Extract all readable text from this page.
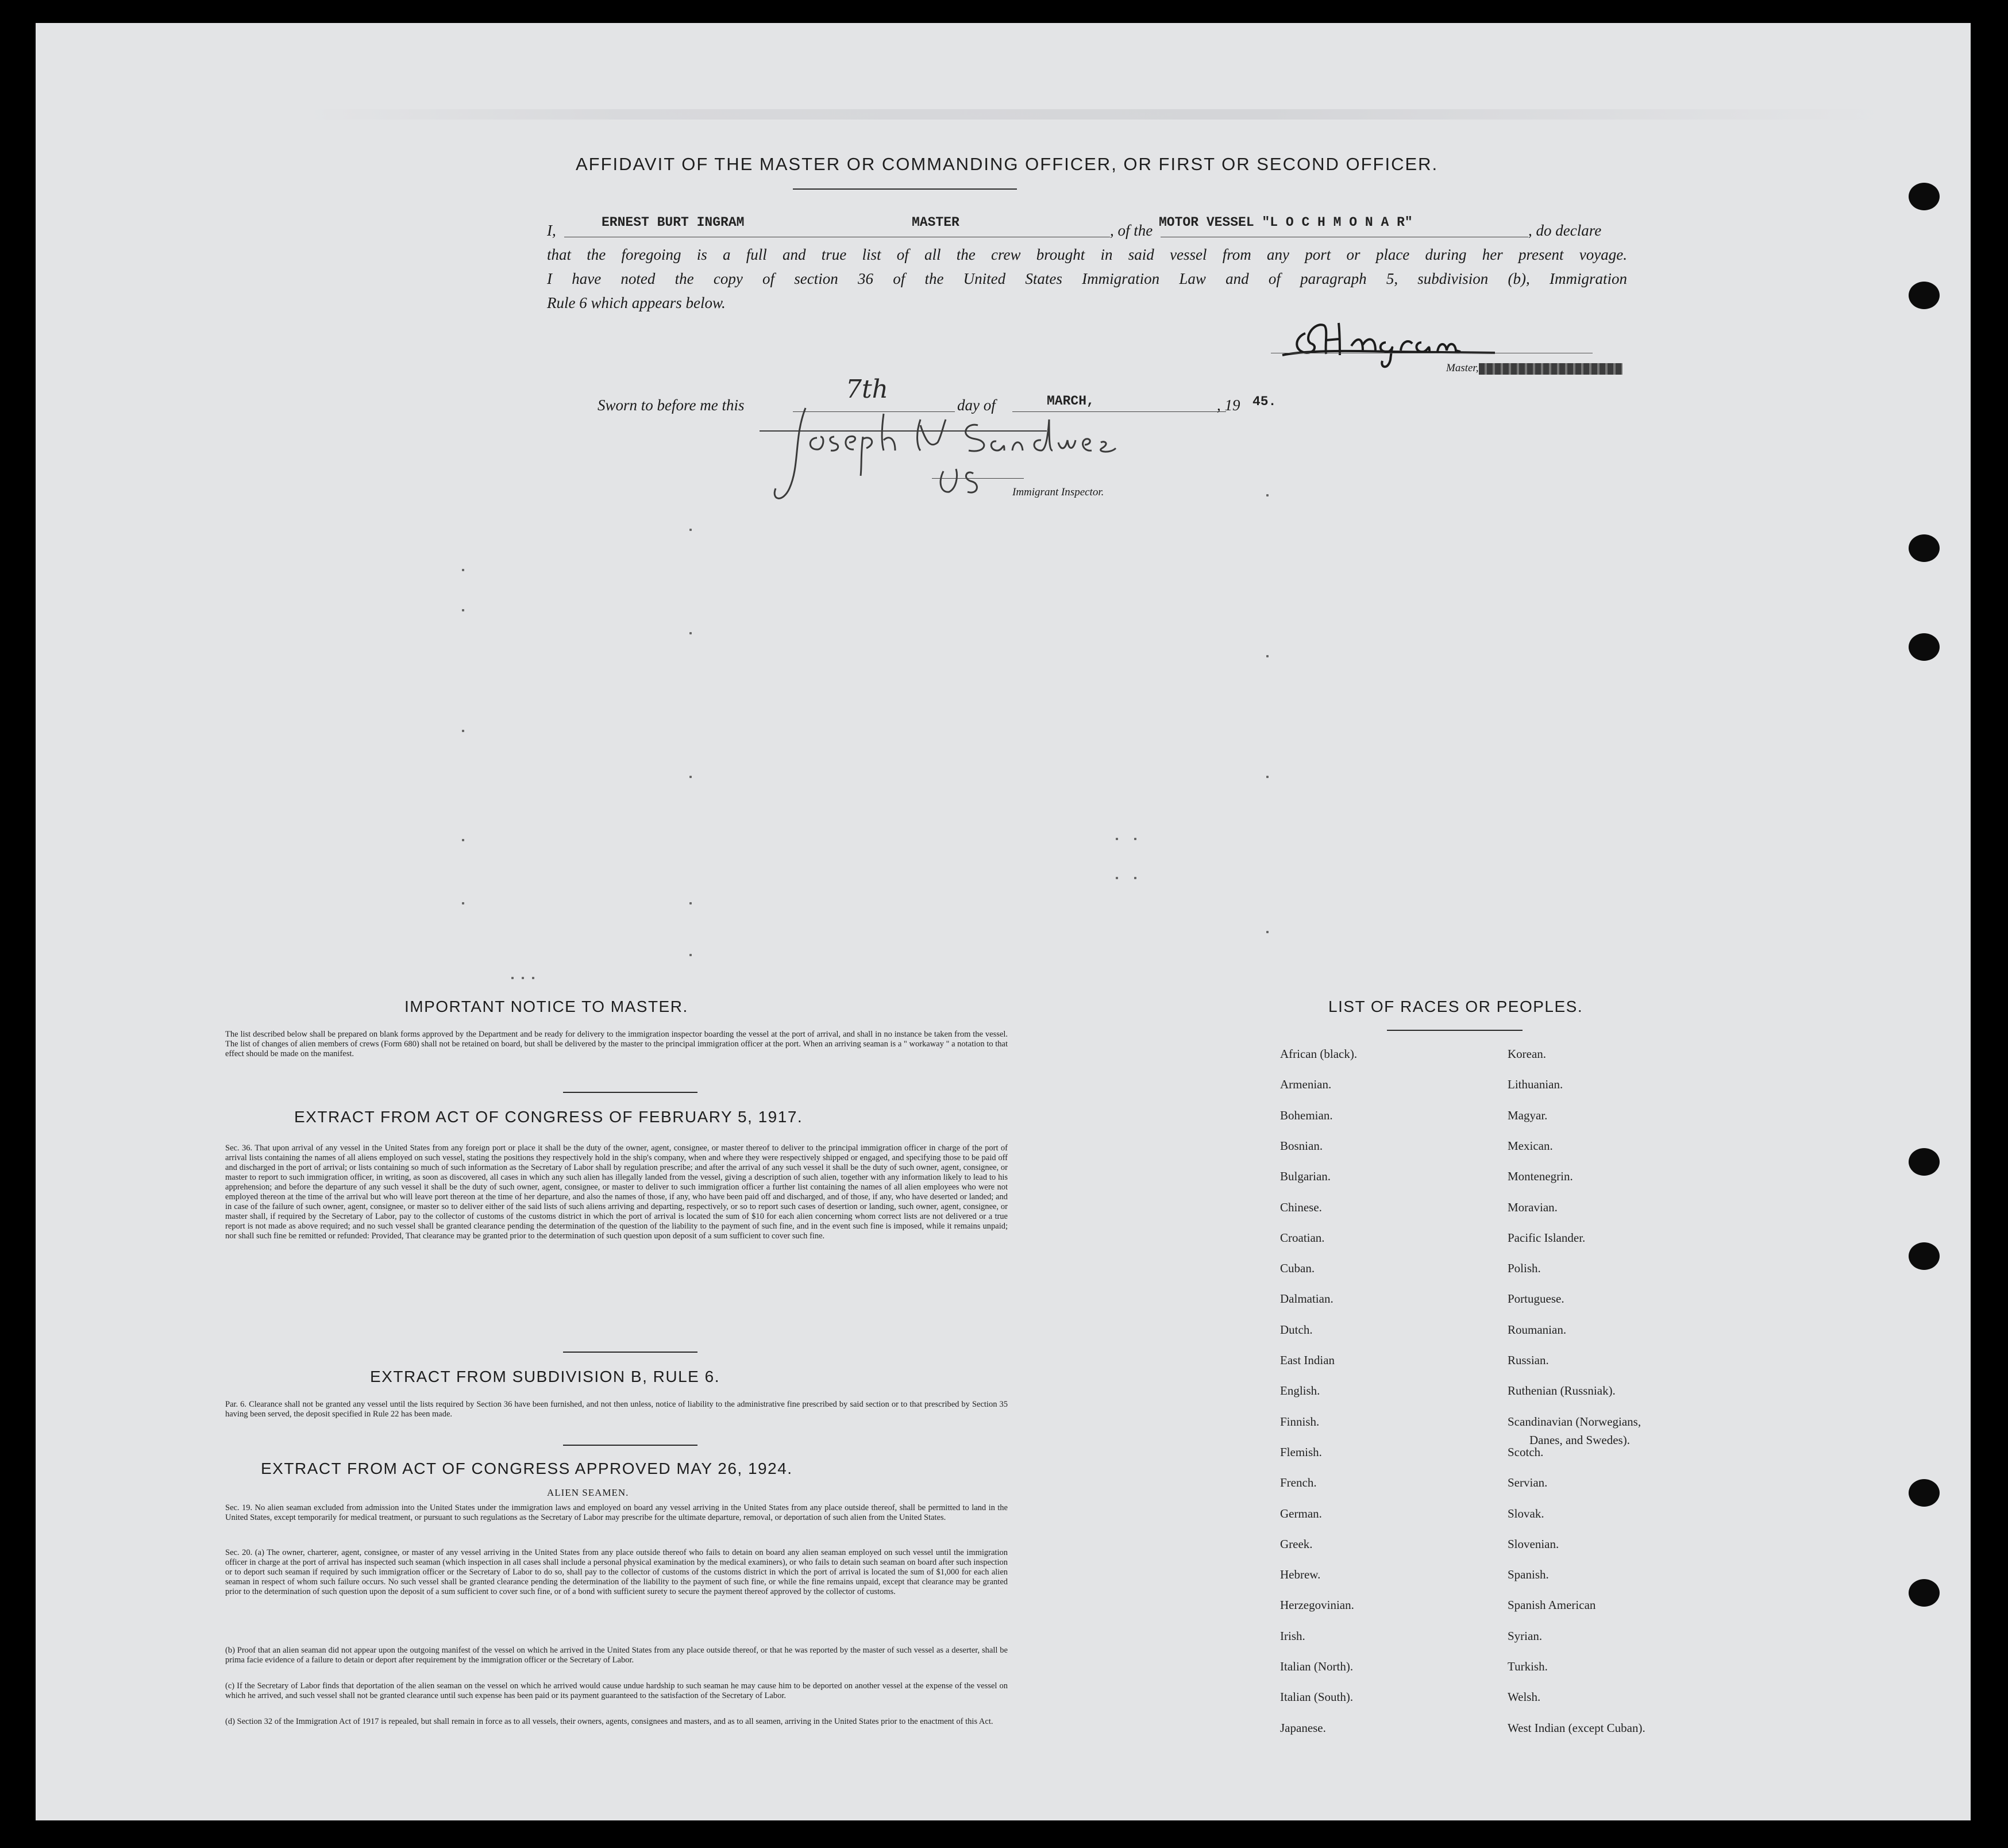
AFFIDAVIT OF THE MASTER OR COMMANDING OFFICER, OR FIRST OR SECOND OFFICER.
I,	ERNEST BURT INGRAM	MASTER	, of the MOTOR VESSEL "L O C H M O N A R"	, do declare
that the foregoing is a full and true list of all the crew brought in said vessel from any port or place during her present voyage.
I have noted the copy of section 36 of the United States Immigration Law and of paragraph 5, subdivision (b), Immigration
Rule 6 which appears below.
Master,
Sworn to before me this
7th
day of	MARCH,	, 19 45.
Immigrant Inspector.
IMPORTANT NOTICE TO MASTER.
The list described below shall be prepared on blank forms approved by the Department and be ready for delivery to the immigration inspector boarding the vessel at the port of arrival, and shall in no instance be taken from the vessel. The list of changes of alien members of crews (Form 680) shall not be retained on board, but shall be delivered by the master to the principal immigration officer at the port. When an arriving seaman is a " workaway " a notation to that effect should be made on the manifest.
EXTRACT FROM ACT OF CONGRESS OF FEBRUARY 5, 1917.
Sec. 36. That upon arrival of any vessel in the United States from any foreign port or place it shall be the duty of the owner, agent, consignee, or master thereof to deliver to the principal immigration officer in charge of the port of arrival lists containing the names of all aliens employed on such vessel, stating the positions they respectively hold in the ship's company, when and where they were respectively shipped or engaged, and specifying those to be paid off and discharged in the port of arrival; or lists containing so much of such information as the Secretary of Labor shall by regulation prescribe; and after the arrival of any such vessel it shall be the duty of such owner, agent, consignee, or master to report to such immigration officer, in writing, as soon as discovered, all cases in which any such alien has illegally landed from the vessel, giving a description of such alien, together with any information likely to lead to his apprehension; and before the departure of any such vessel it shall be the duty of such owner, agent, consignee, or master to deliver to such immigration officer a further list containing the names of all alien employees who were not employed thereon at the time of the arrival but who will leave port thereon at the time of her departure, and also the names of those, if any, who have been paid off and discharged, and of those, if any, who have deserted or landed; and in case of the failure of such owner, agent, consignee, or master so to deliver either of the said lists of such aliens arriving and departing, respectively, or so to report such cases of desertion or landing, such owner, agent, consignee, or master shall, if required by the Secretary of Labor, pay to the collector of customs of the customs district in which the port of arrival is located the sum of $10 for each alien concerning whom correct lists are not delivered or a true report is not made as above required; and no such vessel shall be granted clearance pending the determination of the question of the liability to the payment of such fine, and in the event such fine is imposed, while it remains unpaid; nor shall such fine be remitted or refunded: Provided, That clearance may be granted prior to the determination of such question upon deposit of a sum sufficient to cover such fine.
EXTRACT FROM SUBDIVISION B, RULE 6.
Par. 6. Clearance shall not be granted any vessel until the lists required by Section 36 have been furnished, and not then unless, notice of liability to the administrative fine prescribed by said section or to that prescribed by Section 35 having been served, the deposit specified in Rule 22 has been made.
EXTRACT FROM ACT OF CONGRESS APPROVED MAY 26, 1924.
ALIEN SEAMEN.
Sec. 19. No alien seaman excluded from admission into the United States under the immigration laws and employed on board any vessel arriving in the United States from any place outside thereof, shall be permitted to land in the United States, except temporarily for medical treatment, or pursuant to such regulations as the Secretary of Labor may prescribe for the ultimate departure, removal, or deportation of such alien from the United States.
Sec. 20. (a) The owner, charterer, agent, consignee, or master of any vessel arriving in the United States from any place outside thereof who fails to detain on board any alien seaman employed on such vessel until the immigration officer in charge at the port of arrival has inspected such seaman (which inspection in all cases shall include a personal physical examination by the medical examiners), or who fails to detain such seaman on board after such inspection or to deport such seaman if required by such immigration officer or the Secretary of Labor to do so, shall pay to the collector of customs of the customs district in which the port of arrival is located the sum of $1,000 for each alien seaman in respect of whom such failure occurs. No such vessel shall be granted clearance pending the determination of the liability to the payment of such fine, or while the fine remains unpaid, except that clearance may be granted prior to the determination of such question upon the deposit of a sum sufficient to cover such fine, or of a bond with sufficient surety to secure the payment thereof approved by the collector of customs.
(b) Proof that an alien seaman did not appear upon the outgoing manifest of the vessel on which he arrived in the United States from any place outside thereof, or that he was reported by the master of such vessel as a deserter, shall be prima facie evidence of a failure to detain or deport after requirement by the immigration officer or the Secretary of Labor.
(c) If the Secretary of Labor finds that deportation of the alien seaman on the vessel on which he arrived would cause undue hardship to such seaman he may cause him to be deported on another vessel at the expense of the vessel on which he arrived, and such vessel shall not be granted clearance until such expense has been paid or its payment guaranteed to the satisfaction of the Secretary of Labor.
(d) Section 32 of the Immigration Act of 1917 is repealed, but shall remain in force as to all vessels, their owners, agents, consignees and masters, and as to all seamen, arriving in the United States prior to the enactment of this Act.
LIST OF RACES OR PEOPLES.
Danes, and Swedes).
African (black).	Korean.
Armenian.	Lithuanian.
Bohemian.	Magyar.
Bosnian.	Mexican.
Bulgarian.	Montenegrin.
Chinese.	Moravian.
Croatian.	Pacific Islander.
Cuban.	Polish.
Dalmatian.	Portuguese.
Dutch.	Roumanian.
East Indian	Russian.
English.	Ruthenian (Russniak).
Finnish.	Scandinavian (Norwegians,
Flemish.	Scotch.
French.	Servian.
German.	Slovak.
Greek.	Slovenian.
Hebrew.	Spanish.
Herzegovinian.	Spanish American
Irish.	Syrian.
Italian (North).	Turkish.
Italian (South).	Welsh.
Japanese.	West Indian (except Cuban).
